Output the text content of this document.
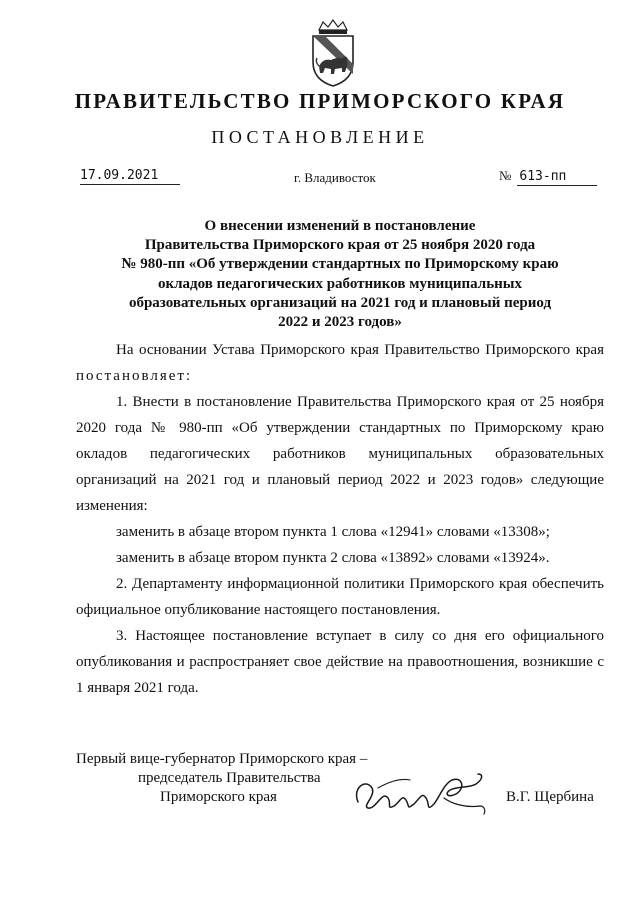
ПРАВИТЕЛЬСТВО ПРИМОРСКОГО КРАЯ
ПОСТАНОВЛЕНИЕ
17.09.2021	г. Владивосток	№ 613-пп
О внесении изменений в постановление
Правительства Приморского края от 25 ноября 2020 года
№ 980-пп «Об утверждении стандартных по Приморскому краю
окладов педагогических работников муниципальных
образовательных организаций на 2021 год и плановый период
2022 и 2023 годов»

На основании Устава Приморского края Правительство Приморского края постановляет:

1. Внести в постановление Правительства Приморского края от 25 ноября 2020 года № 980-пп «Об утверждении стандартных по Приморскому краю окладов педагогических работников муниципальных образовательных организаций на 2021 год и плановый период 2022 и 2023 годов» следующие изменения:

заменить в абзаце втором пункта 1 слова «12941» словами «13308»;

заменить в абзаце втором пункта 2 слова «13892» словами «13924».

2. Департаменту информационной политики Приморского края обеспечить официальное опубликование настоящего постановления.

3. Настоящее постановление вступает в силу со дня его официального опубликования и распространяет свое действие на правоотношения, возникшие с 1 января 2021 года.

Первый вице-губернатор Приморского края –
председатель Правительства
Приморского края	В.Г. Щербина
